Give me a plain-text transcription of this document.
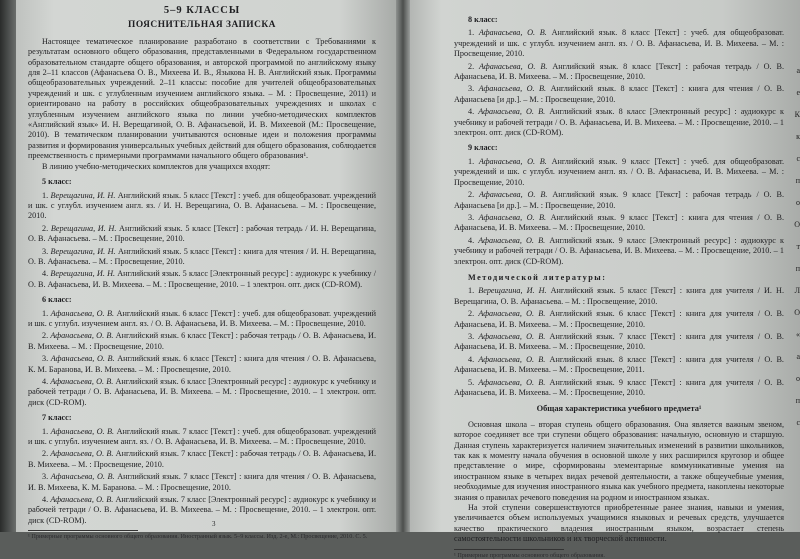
5–9 КЛАССЫ
ПОЯСНИТЕЛЬНАЯ ЗАПИСКА

Настоящее тематическое планирование разработано в соответствии с Требованиями к результатам основного общего образования, представленными в Федеральном государственном образовательном стандарте общего образования, и авторской программой по английскому языку для 2–11 классов (Афанасьева О. В., Михеева И. В., Языкова Н. В. Английский язык. Программы общеобразовательных учреждений. 2–11 классы: пособие для учителей общеобразовательных учреждений и шк. с углубленным изучением английского языка. – М. : Просвещение, 2011) и ориентировано на работу в российских общеобразовательных учреждениях и школах с углубленным изучением английского языка по линии учебно-методических комплектов «Английский язык» И. Н. Верещагиной, О. В. Афанасьевой, И. В. Михеевой (М.: Просвещение, 2010). В тематическом планировании учитываются основные идеи и положения программы развития и формирования универсальных учебных действий для общего образования, соблюдается преемственность с примерными программами начального общего образования¹.

В линию учебно-методических комплектов для учащихся входят:

5 класс:

1. Верещагина, И. Н. Английский язык. 5 класс [Текст] : учеб. для общеобразоват. учреждений и шк. с углубл. изучением англ. яз. / И. Н. Верещагина, О. В. Афанасьева. – М. : Просвещение, 2010.

2. Верещагина, И. Н. Английский язык. 5 класс [Текст] : рабочая тетрадь / И. Н. Верещагина, О. В. Афанасьева. – М. : Просвещение, 2010.

3. Верещагина, И. Н. Английский язык. 5 класс [Текст] : книга для чтения / И. Н. Верещагина, О. В. Афанасьева. – М. : Просвещение, 2010.

4. Верещагина, И. Н. Английский язык. 5 класс [Электронный ресурс] : аудиокурс к учебнику / О. В. Афанасьева, И. В. Михеева. – М. : Просвещение, 2010. – 1 электрон. опт. диск (CD-ROM).

6 класс:

1. Афанасьева, О. В. Английский язык. 6 класс [Текст] : учеб. для общеобразоват. учреждений и шк. с углубл. изучением англ. яз. / О. В. Афанасьева, И. В. Михеева. – М. : Просвещение, 2010.

2. Афанасьева, О. В. Английский язык. 6 класс [Текст] : рабочая тетрадь / О. В. Афанасьева, И. В. Михеева. – М. : Просвещение, 2010.

3. Афанасьева, О. В. Английский язык. 6 класс [Текст] : книга для чтения / О. В. Афанасьева, К. М. Баранова, И. В. Михеева. – М. : Просвещение, 2010.

4. Афанасьева, О. В. Английский язык. 6 класс [Электронный ресурс] : аудиокурс к учебнику и рабочей тетради / О. В. Афанасьева, И. В. Михеева. – М. : Просвещение, 2010. – 1 электрон. опт. диск (CD-ROM).

7 класс:

1. Афанасьева, О. В. Английский язык. 7 класс [Текст] : учеб. для общеобразоват. учреждений и шк. с углубл. изучением англ. яз. / О. В. Афанасьева, И. В. Михеева. – М. : Просвещение, 2010.

2. Афанасьева, О. В. Английский язык. 7 класс [Текст] : рабочая тетрадь / О. В. Афанасьева, И. В. Михеева. – М. : Просвещение, 2010.

3. Афанасьева, О. В. Английский язык. 7 класс [Текст] : книга для чтения / О. В. Афанасьева, И. В. Михеева, К. М. Баранова. – М. : Просвещение, 2010.

4. Афанасьева, О. В. Английский язык. 7 класс [Электронный ресурс] : аудиокурс к учебнику и рабочей тетради / О. В. Афанасьева, И. В. Михеева. – М. : Просвещение, 2010. – 1 электрон. опт. диск (CD-ROM).

¹ Примерные программы основного общего образования. Иностранный язык. 5–9 классы. Изд. 2-е, М.: Просвещение, 2010. С. 5.

3
8 класс:

1. Афанасьева, О. В. Английский язык. 8 класс [Текст] : учеб. для общеобразоват. учреждений и шк. с углубл. изучением англ. яз. / О. В. Афанасьева, И. В. Михеева. – М. : Просвещение, 2010.

2. Афанасьева, О. В. Английский язык. 8 класс [Текст] : рабочая тетрадь / О. В. Афанасьева, И. В. Михеева. – М. : Просвещение, 2010.

3. Афанасьева, О. В. Английский язык. 8 класс [Текст] : книга для чтения / О. В. Афанасьева [и др.]. – М. : Просвещение, 2010.

4. Афанасьева, О. В. Английский язык. 8 класс [Электронный ресурс] : аудиокурс к учебнику и рабочей тетради / О. В. Афанасьева, И. В. Михеева. – М. : Просвещение, 2010. – 1 электрон. опт. диск (CD-ROM).

9 класс:

1. Афанасьева, О. В. Английский язык. 9 класс [Текст] : учеб. для общеобразоват. учреждений и шк. с углубл. изучением англ. яз. / О. В. Афанасьева, И. В. Михеева. – М. : Просвещение, 2010.

2. Афанасьева, О. В. Английский язык. 9 класс [Текст] : рабочая тетрадь / О. В. Афанасьева [и др.]. – М. : Просвещение, 2010.

3. Афанасьева, О. В. Английский язык. 9 класс [Текст] : книга для чтения / О. В. Афанасьева, И. В. Михеева. – М. : Просвещение, 2010.

4. Афанасьева, О. В. Английский язык. 9 класс [Электронный ресурс] : аудиокурс к учебнику и рабочей тетради / О. В. Афанасьева, И. В. Михеева. – М. : Просвещение, 2010. – 1 электрон. опт. диск (CD-ROM).

Методической литературы:

1. Верещагина, И. Н. Английский язык. 5 класс [Текст] : книга для учителя / И. Н. Верещагина, О. В. Афанасьева. – М. : Просвещение, 2010.

2. Афанасьева, О. В. Английский язык. 6 класс [Текст] : книга для учителя / О. В. Афанасьева, И. В. Михеева. – М. : Просвещение, 2010.

3. Афанасьева, О. В. Английский язык. 7 класс [Текст] : книга для учителя / О. В. Афанасьева, И. В. Михеева. – М. : Просвещение, 2010.

4. Афанасьева, О. В. Английский язык. 8 класс [Текст] : книга для учителя / О. В. Афанасьева, И. В. Михеева. – М. : Просвещение, 2011.

5. Афанасьева, О. В. Английский язык. 9 класс [Текст] : книга для учителя / О. В. Афанасьева, И. В. Михеева. – М. : Просвещение, 2010.

Общая характеристика учебного предмета¹

Основная школа – вторая ступень общего образования. Она является важным звеном, которое соединяет все три ступени общего образования: начальную, основную и старшую. Данная ступень характеризуется наличием значительных изменений в развитии школьников, так как к моменту начала обучения в основной школе у них расширился кругозор и общее представление о мире, сформированы элементарные коммуникативные умения на иностранном языке в четырех видах речевой деятельности, а также общеучебные умения, необходимые для изучения иностранного языка как учебного предмета, накоплены некоторые знания о правилах речевого поведения на родном и иностранном языках.

На этой ступени совершенствуются приобретенные ранее знания, навыки и умения, увеличивается объем используемых учащимися языковых и речевых средств, улучшается качество практического владения иностранным языком, возрастает степень самостоятельности школьников и их творческой активности.

¹ Примерные программы основного общего образования.

а
е
К
к
с
п
о
О
т
п
Л
О
«
а
о
п
с
